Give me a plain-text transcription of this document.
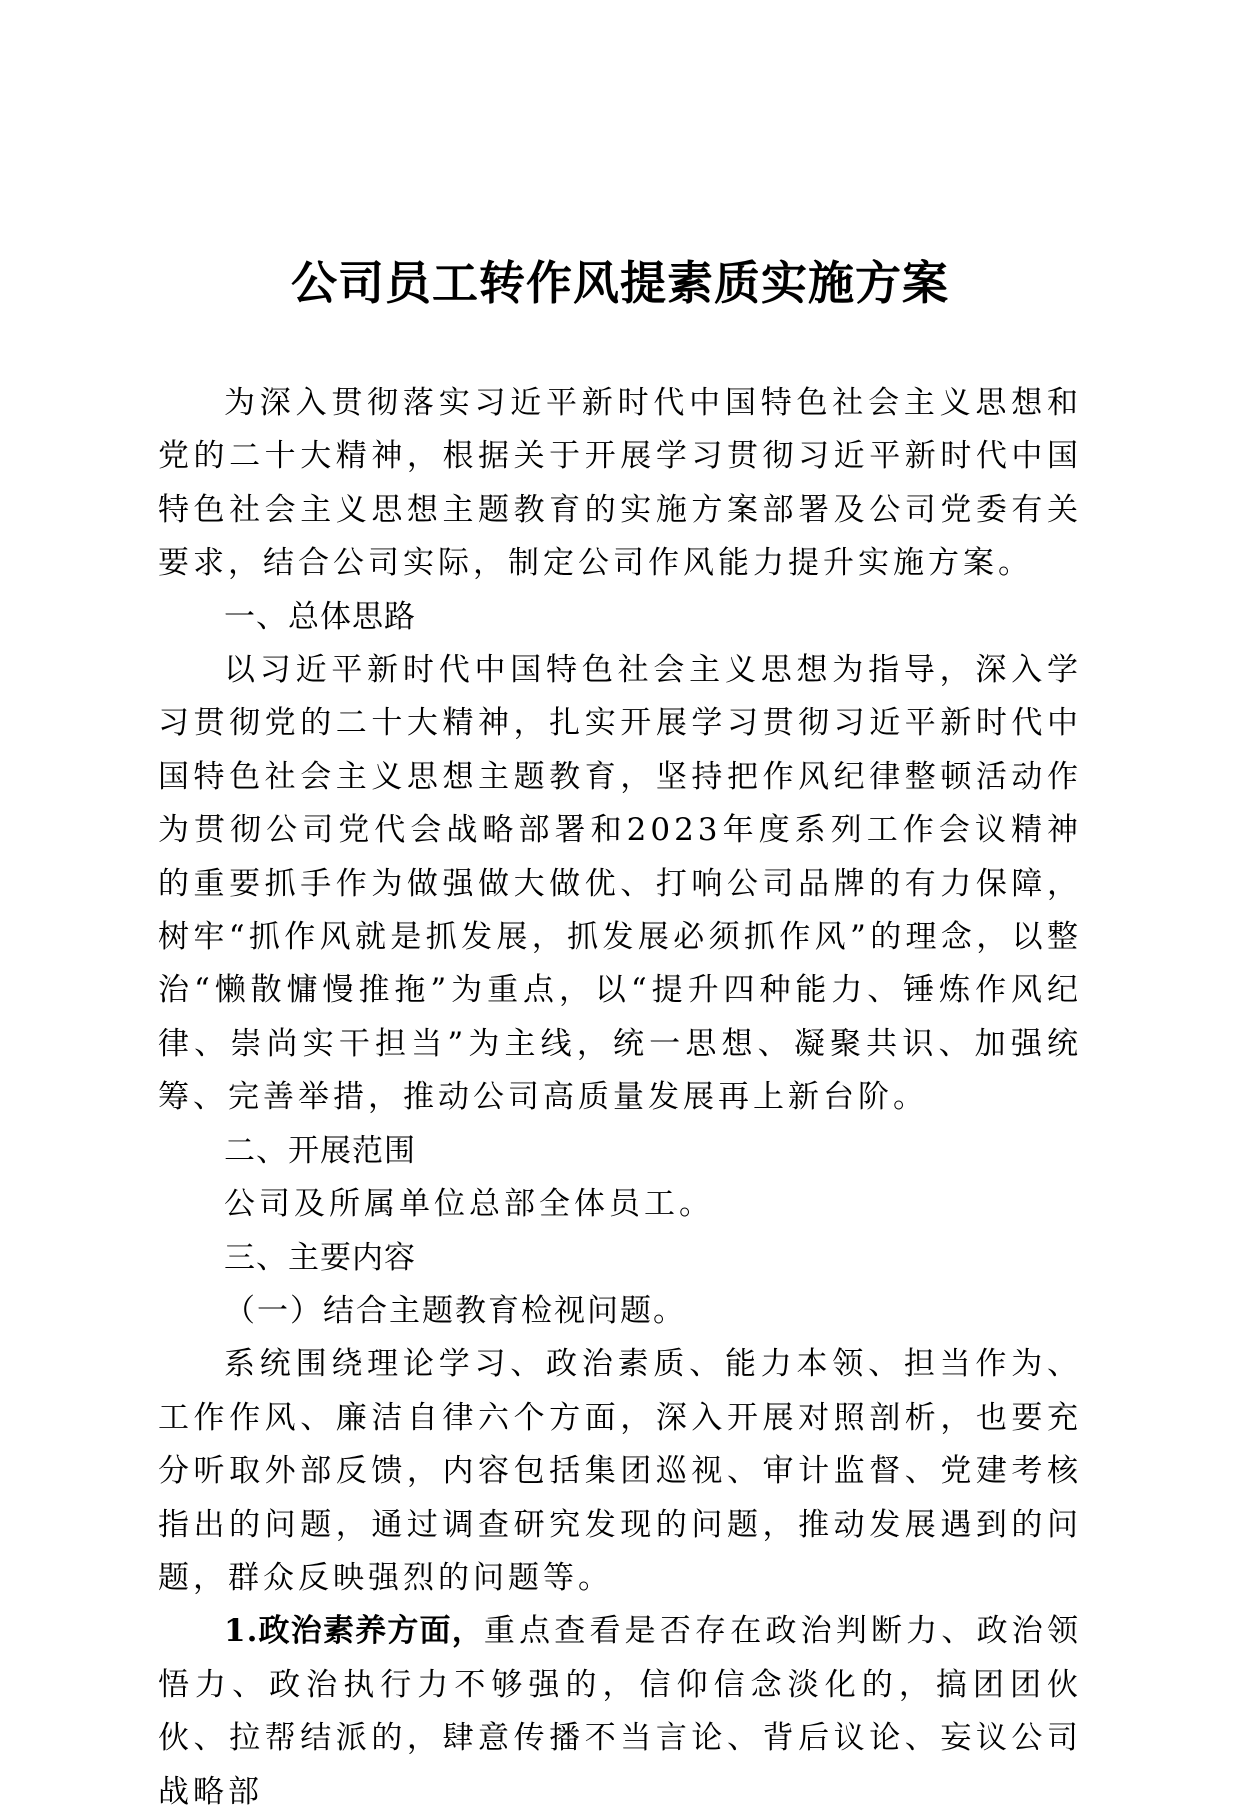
公司员工转作风提素质实施方案

为深入贯彻落实习近平新时代中国特色社会主义思想和党的二十大精神，根据关于开展学习贯彻习近平新时代中国特色社会主义思想主题教育的实施方案部署及公司党委有关要求，结合公司实际，制定公司作风能力提升实施方案。

一、总体思路

以习近平新时代中国特色社会主义思想为指导，深入学习贯彻党的二十大精神，扎实开展学习贯彻习近平新时代中国特色社会主义思想主题教育，坚持把作风纪律整顿活动作为贯彻公司党代会战略部署和2023年度系列工作会议精神的重要抓手作为做强做大做优、打响公司品牌的有力保障，树牢“抓作风就是抓发展，抓发展必须抓作风”的理念，以整治“懒散慵慢推拖”为重点，以“提升四种能力、锤炼作风纪律、崇尚实干担当”为主线，统一思想、凝聚共识、加强统筹、完善举措，推动公司高质量发展再上新台阶。

二、开展范围

公司及所属单位总部全体员工。

三、主要内容

（一）结合主题教育检视问题。

系统围绕理论学习、政治素质、能力本领、担当作为、工作作风、廉洁自律六个方面，深入开展对照剖析，也要充分听取外部反馈，内容包括集团巡视、审计监督、党建考核指出的问题，通过调查研究发现的问题，推动发展遇到的问题，群众反映强烈的问题等。

1.政治素养方面，重点查看是否存在政治判断力、政治领悟力、政治执行力不够强的，信仰信念淡化的，搞团团伙伙、拉帮结派的，肆意传播不当言论、背后议论、妄议公司战略部
